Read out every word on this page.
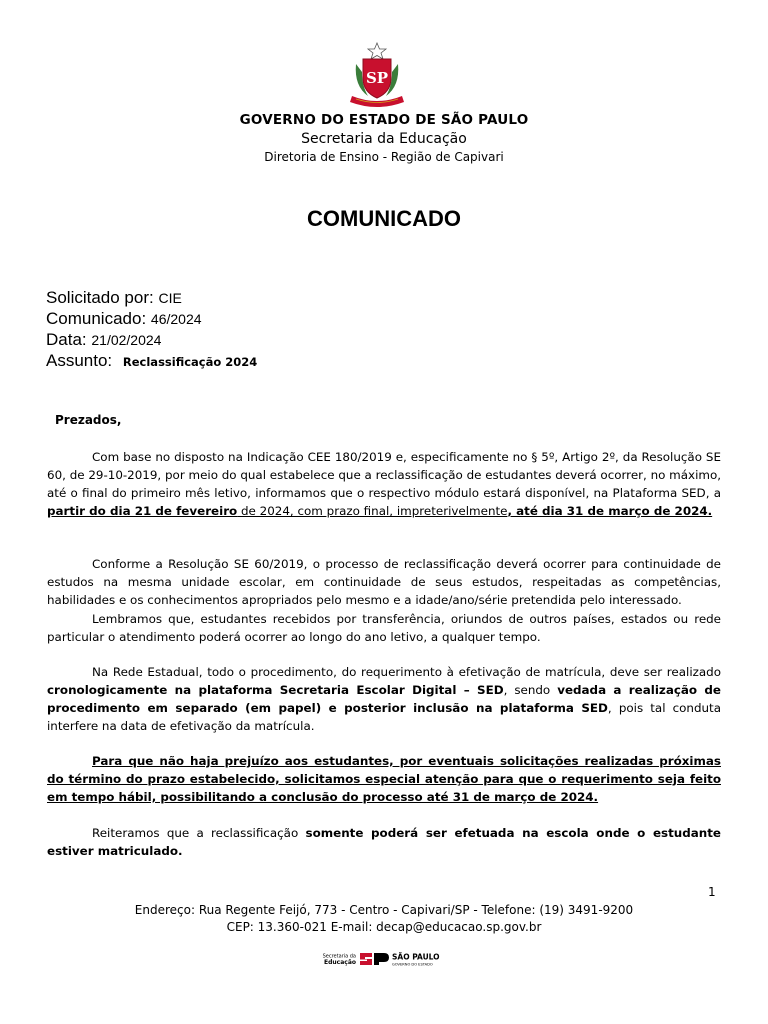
SP
GOVERNO DO ESTADO DE SÃO PAULO
Secretaria da Educação
Diretoria de Ensino - Região de Capivari
COMUNICADO
Solicitado por: CIE
Comunicado: 46/2024
Data: 21/02/2024
Assunto: Reclassificação 2024
Prezados,
Com base no disposto na Indicação CEE 180/2019 e, especificamente no § 5º, Artigo 2º, da Resolução SE 60, de 29-10-2019, por meio do qual estabelece que a reclassificação de estudantes deverá ocorrer, no máximo, até o final do primeiro mês letivo, informamos que o respectivo módulo estará disponível, na Plataforma SED, a partir do dia 21 de fevereiro de 2024, com prazo final, impreterivelmente, até dia 31 de março de 2024.
Conforme a Resolução SE 60/2019, o processo de reclassificação deverá ocorrer para continuidade de estudos na mesma unidade escolar, em continuidade de seus estudos, respeitadas as competências, habilidades e os conhecimentos apropriados pelo mesmo e a idade/ano/série pretendida pelo interessado.
Lembramos que, estudantes recebidos por transferência, oriundos de outros países, estados ou rede particular o atendimento poderá ocorrer ao longo do ano letivo, a qualquer tempo.
Na Rede Estadual, todo o procedimento, do requerimento à efetivação de matrícula, deve ser realizado cronologicamente na plataforma Secretaria Escolar Digital – SED, sendo vedada a realização de procedimento em separado (em papel) e posterior inclusão na plataforma SED, pois tal conduta interfere na data de efetivação da matrícula.
Para que não haja prejuízo aos estudantes, por eventuais solicitações realizadas próximas do término do prazo estabelecido, solicitamos especial atenção para que o requerimento seja feito em tempo hábil, possibilitando a conclusão do processo até 31 de março de 2024.
Reiteramos que a reclassificação somente poderá ser efetuada na escola onde o estudante estiver matriculado.
1
Endereço: Rua Regente Feijó, 773 - Centro - Capivari/SP - Telefone: (19) 3491-9200
CEP: 13.360-021 E-mail: decap@educacao.sp.gov.br
Secretaria da
Educação
SÃO PAULO
GOVERNO DO ESTADO
